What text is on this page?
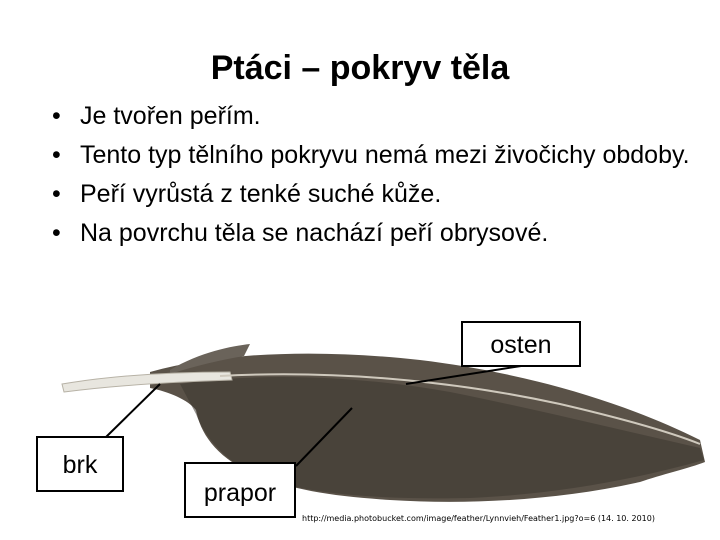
Ptáci – pokryv těla
• Je tvořen peřím.
• Tento typ tělního pokryvu nemá mezi živočichy obdoby.
• Peří vyrůstá z tenké suché kůže.
• Na povrchu těla se nachází peří obrysové.
osten
brk
prapor
http://media.photobucket.com/image/feather/Lynnvieh/Feather1.jpg?o=6 (14. 10. 2010)
